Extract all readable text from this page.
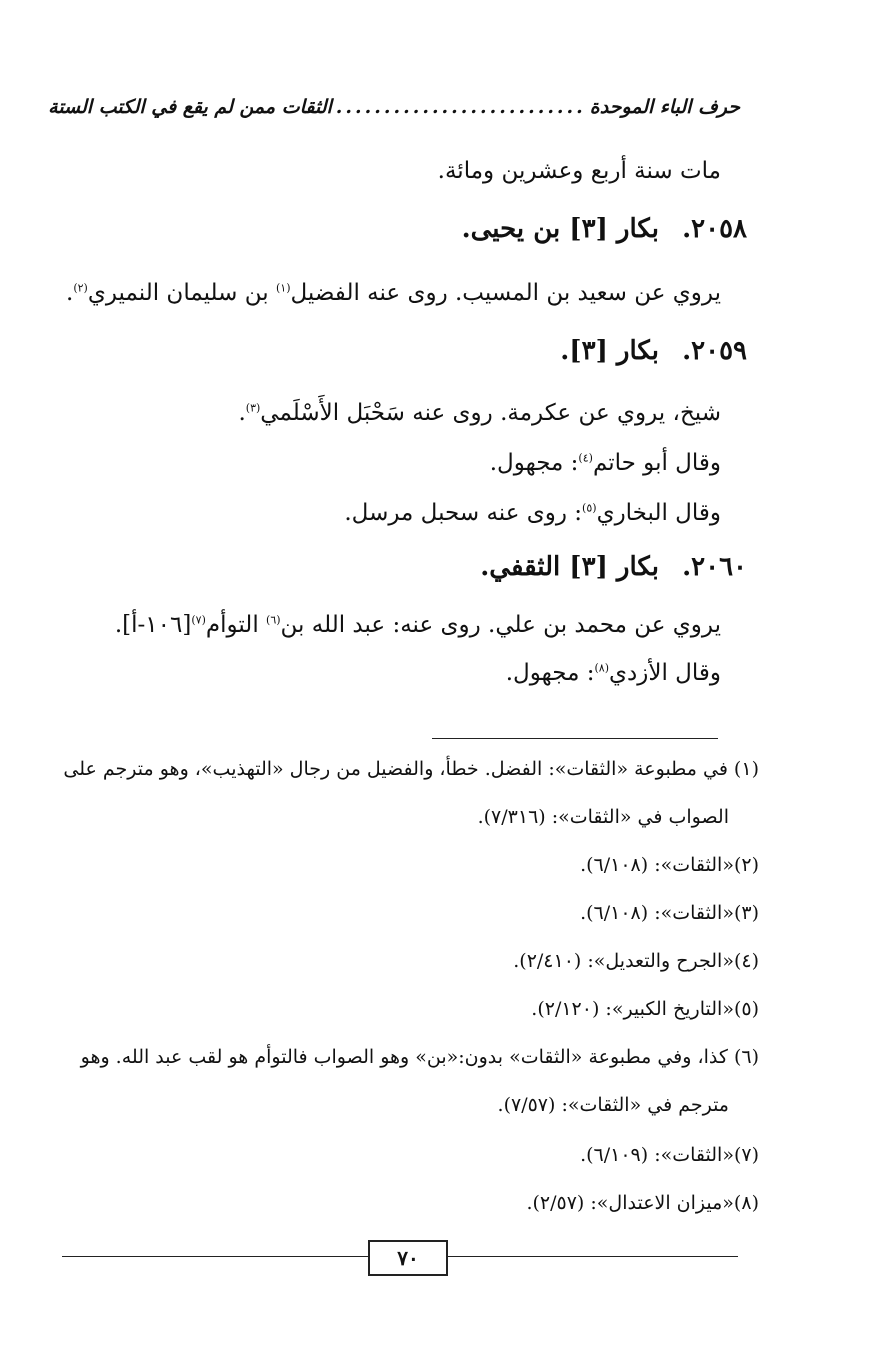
حرف الباء الموحدة
..........................
الثقات ممن لم يقع في الكتب الستة
مات سنة أربع وعشرين ومائة.
٢٠٥٨. بكار [٣] بن يحيى.
يروي عن سعيد بن المسيب. روى عنه الفضيل$^{(١)}$ بن سليمان النميري$^{(٢)}$.
٢٠٥٩. بكار [٣].
شيخ، يروي عن عكرمة. روى عنه سَحْبَل الأَسْلَمي$^{(٣)}$.
وقال أبو حاتم$^{(٤)}$: مجهول.
وقال البخاري$^{(٥)}$: روى عنه سحبل مرسل.
٢٠٦٠. بكار [٣] الثقفي.
يروي عن محمد بن علي. روى عنه: عبد الله بن$^{(٦)}$ التوأم$^{(٧)}$[١٠٦-أ].
وقال الأزدي$^{(٨)}$: مجهول.
(١) في مطبوعة «الثقات»: الفضل. خطأ، والفضيل من رجال «التهذيب»، وهو مترجم على
الصواب في «الثقات»: (٧/٣١٦).
(٢)«الثقات»: (٦/١٠٨).
(٣)«الثقات»: (٦/١٠٨).
(٤)«الجرح والتعديل»: (٢/٤١٠).
(٥)«التاريخ الكبير»: (٢/١٢٠).
(٦) كذا، وفي مطبوعة «الثقات» بدون:«بن» وهو الصواب فالتوأم هو لقب عبد الله. وهو
مترجم في «الثقات»: (٧/٥٧).
(٧)«الثقات»: (٦/١٠٩).
(٨)«ميزان الاعتدال»: (٢/٥٧).
٧٠
